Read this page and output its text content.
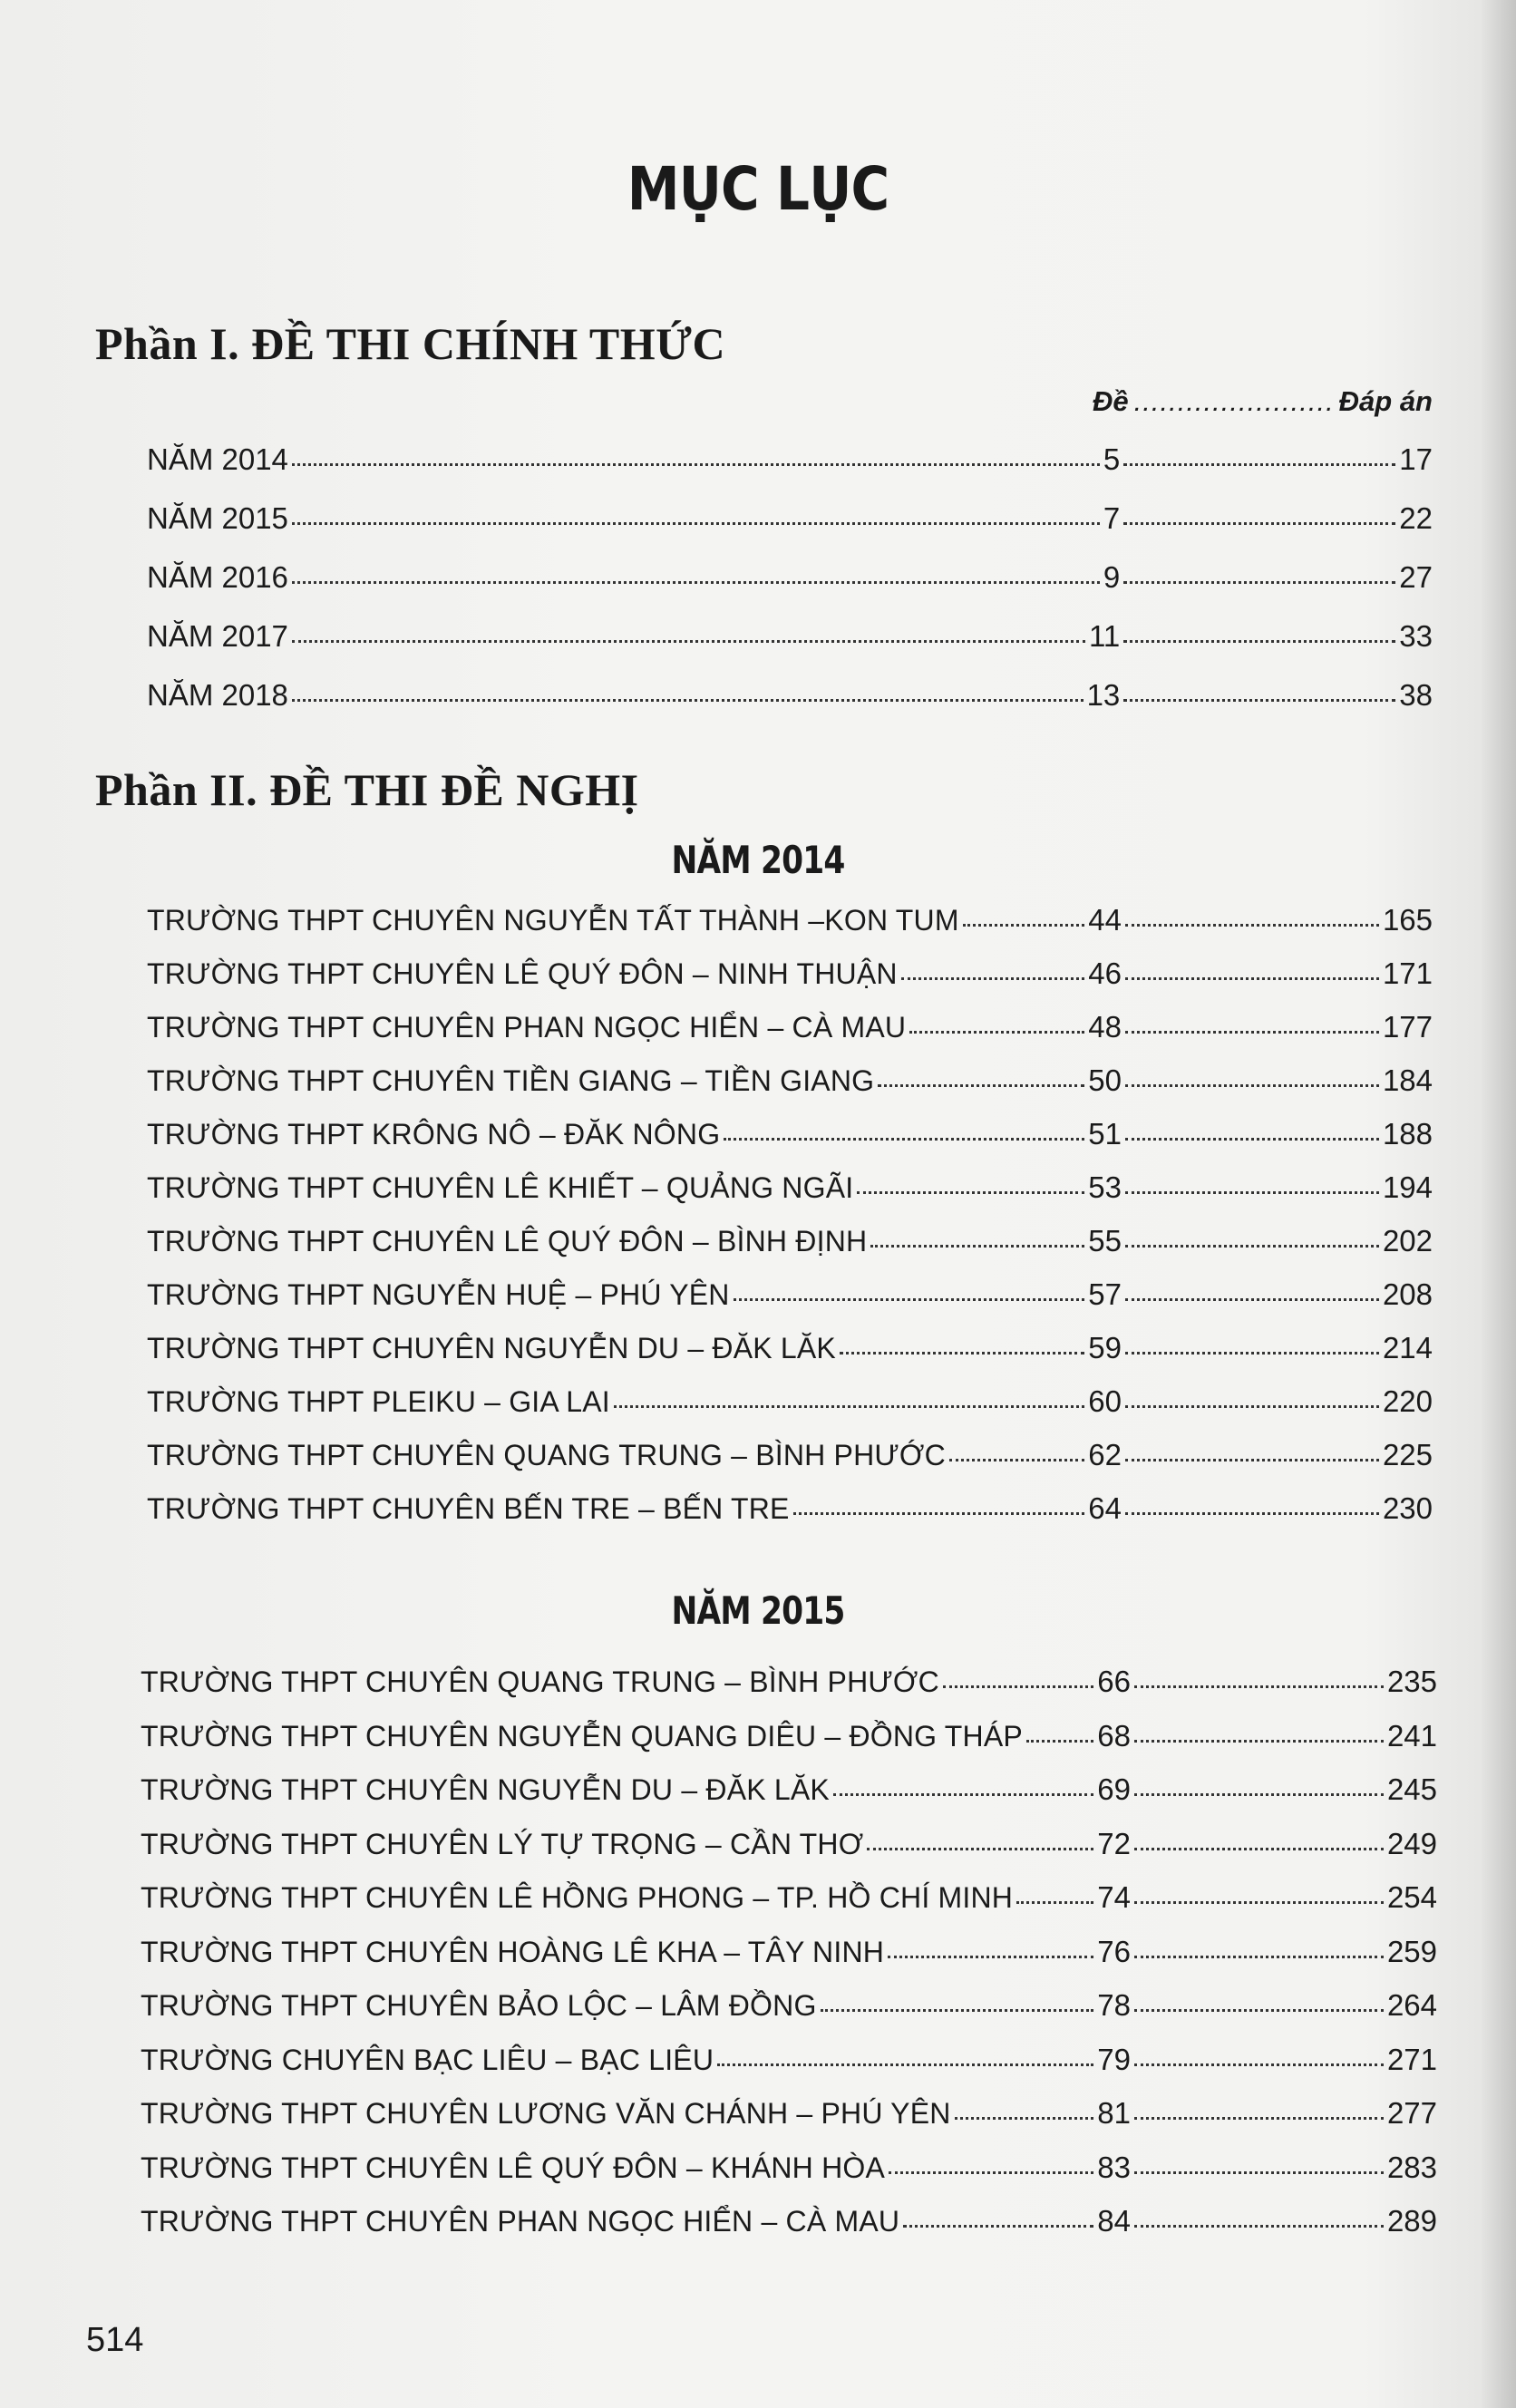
MỤC LỤC
Phần I. ĐỀ THI CHÍNH THỨC
Đề
.....	Đáp án
NĂM 2014	5	17
NĂM 2015	7	22
NĂM 2016	9	27
NĂM 2017	11	33
NĂM 2018	13	38
Phần II. ĐỀ THI ĐỀ NGHỊ
NĂM 2014
TRƯỜNG THPT CHUYÊN NGUYỄN TẤT THÀNH –KON TUM	44	165
TRƯỜNG THPT CHUYÊN LÊ QUÝ ĐÔN – NINH THUẬN	46	171
TRƯỜNG THPT CHUYÊN PHAN NGỌC HIỂN – CÀ MAU	48	177
TRƯỜNG THPT CHUYÊN TIỀN GIANG – TIỀN GIANG	50	184
TRƯỜNG THPT KRÔNG NÔ – ĐĂK NÔNG	51	188
TRƯỜNG THPT CHUYÊN LÊ KHIẾT – QUẢNG NGÃI	53	194
TRƯỜNG THPT CHUYÊN LÊ QUÝ ĐÔN – BÌNH ĐỊNH	55	202
TRƯỜNG THPT NGUYỄN HUỆ – PHÚ YÊN	57	208
TRƯỜNG THPT CHUYÊN NGUYỄN DU – ĐĂK LĂK	59	214
TRƯỜNG THPT PLEIKU – GIA LAI	60	220
TRƯỜNG THPT CHUYÊN QUANG TRUNG – BÌNH PHƯỚC	62	225
TRƯỜNG THPT CHUYÊN BẾN TRE – BẾN TRE	64	230
NĂM 2015
TRƯỜNG THPT CHUYÊN QUANG TRUNG – BÌNH PHƯỚC	66	235
TRƯỜNG THPT CHUYÊN NGUYỄN QUANG DIÊU – ĐỒNG THÁP 68	241
TRƯỜNG THPT CHUYÊN NGUYỄN DU – ĐĂK LĂK	69	245
TRƯỜNG THPT CHUYÊN LÝ TỰ TRỌNG – CẦN THƠ	72	249
TRƯỜNG THPT CHUYÊN LÊ HỒNG PHONG – TP. HỒ CHÍ MINH	74	254
TRƯỜNG THPT CHUYÊN HOÀNG LÊ KHA – TÂY NINH	76	259
TRƯỜNG THPT CHUYÊN BẢO LỘC – LÂM ĐỒNG	78	264
TRƯỜNG CHUYÊN BẠC LIÊU – BẠC LIÊU	79	271
TRƯỜNG THPT CHUYÊN LƯƠNG VĂN CHÁNH – PHÚ YÊN	81	277
TRƯỜNG THPT CHUYÊN LÊ QUÝ ĐÔN – KHÁNH HÒA	83	283
TRƯỜNG THPT CHUYÊN PHAN NGỌC HIỂN – CÀ MAU	84	289
514
